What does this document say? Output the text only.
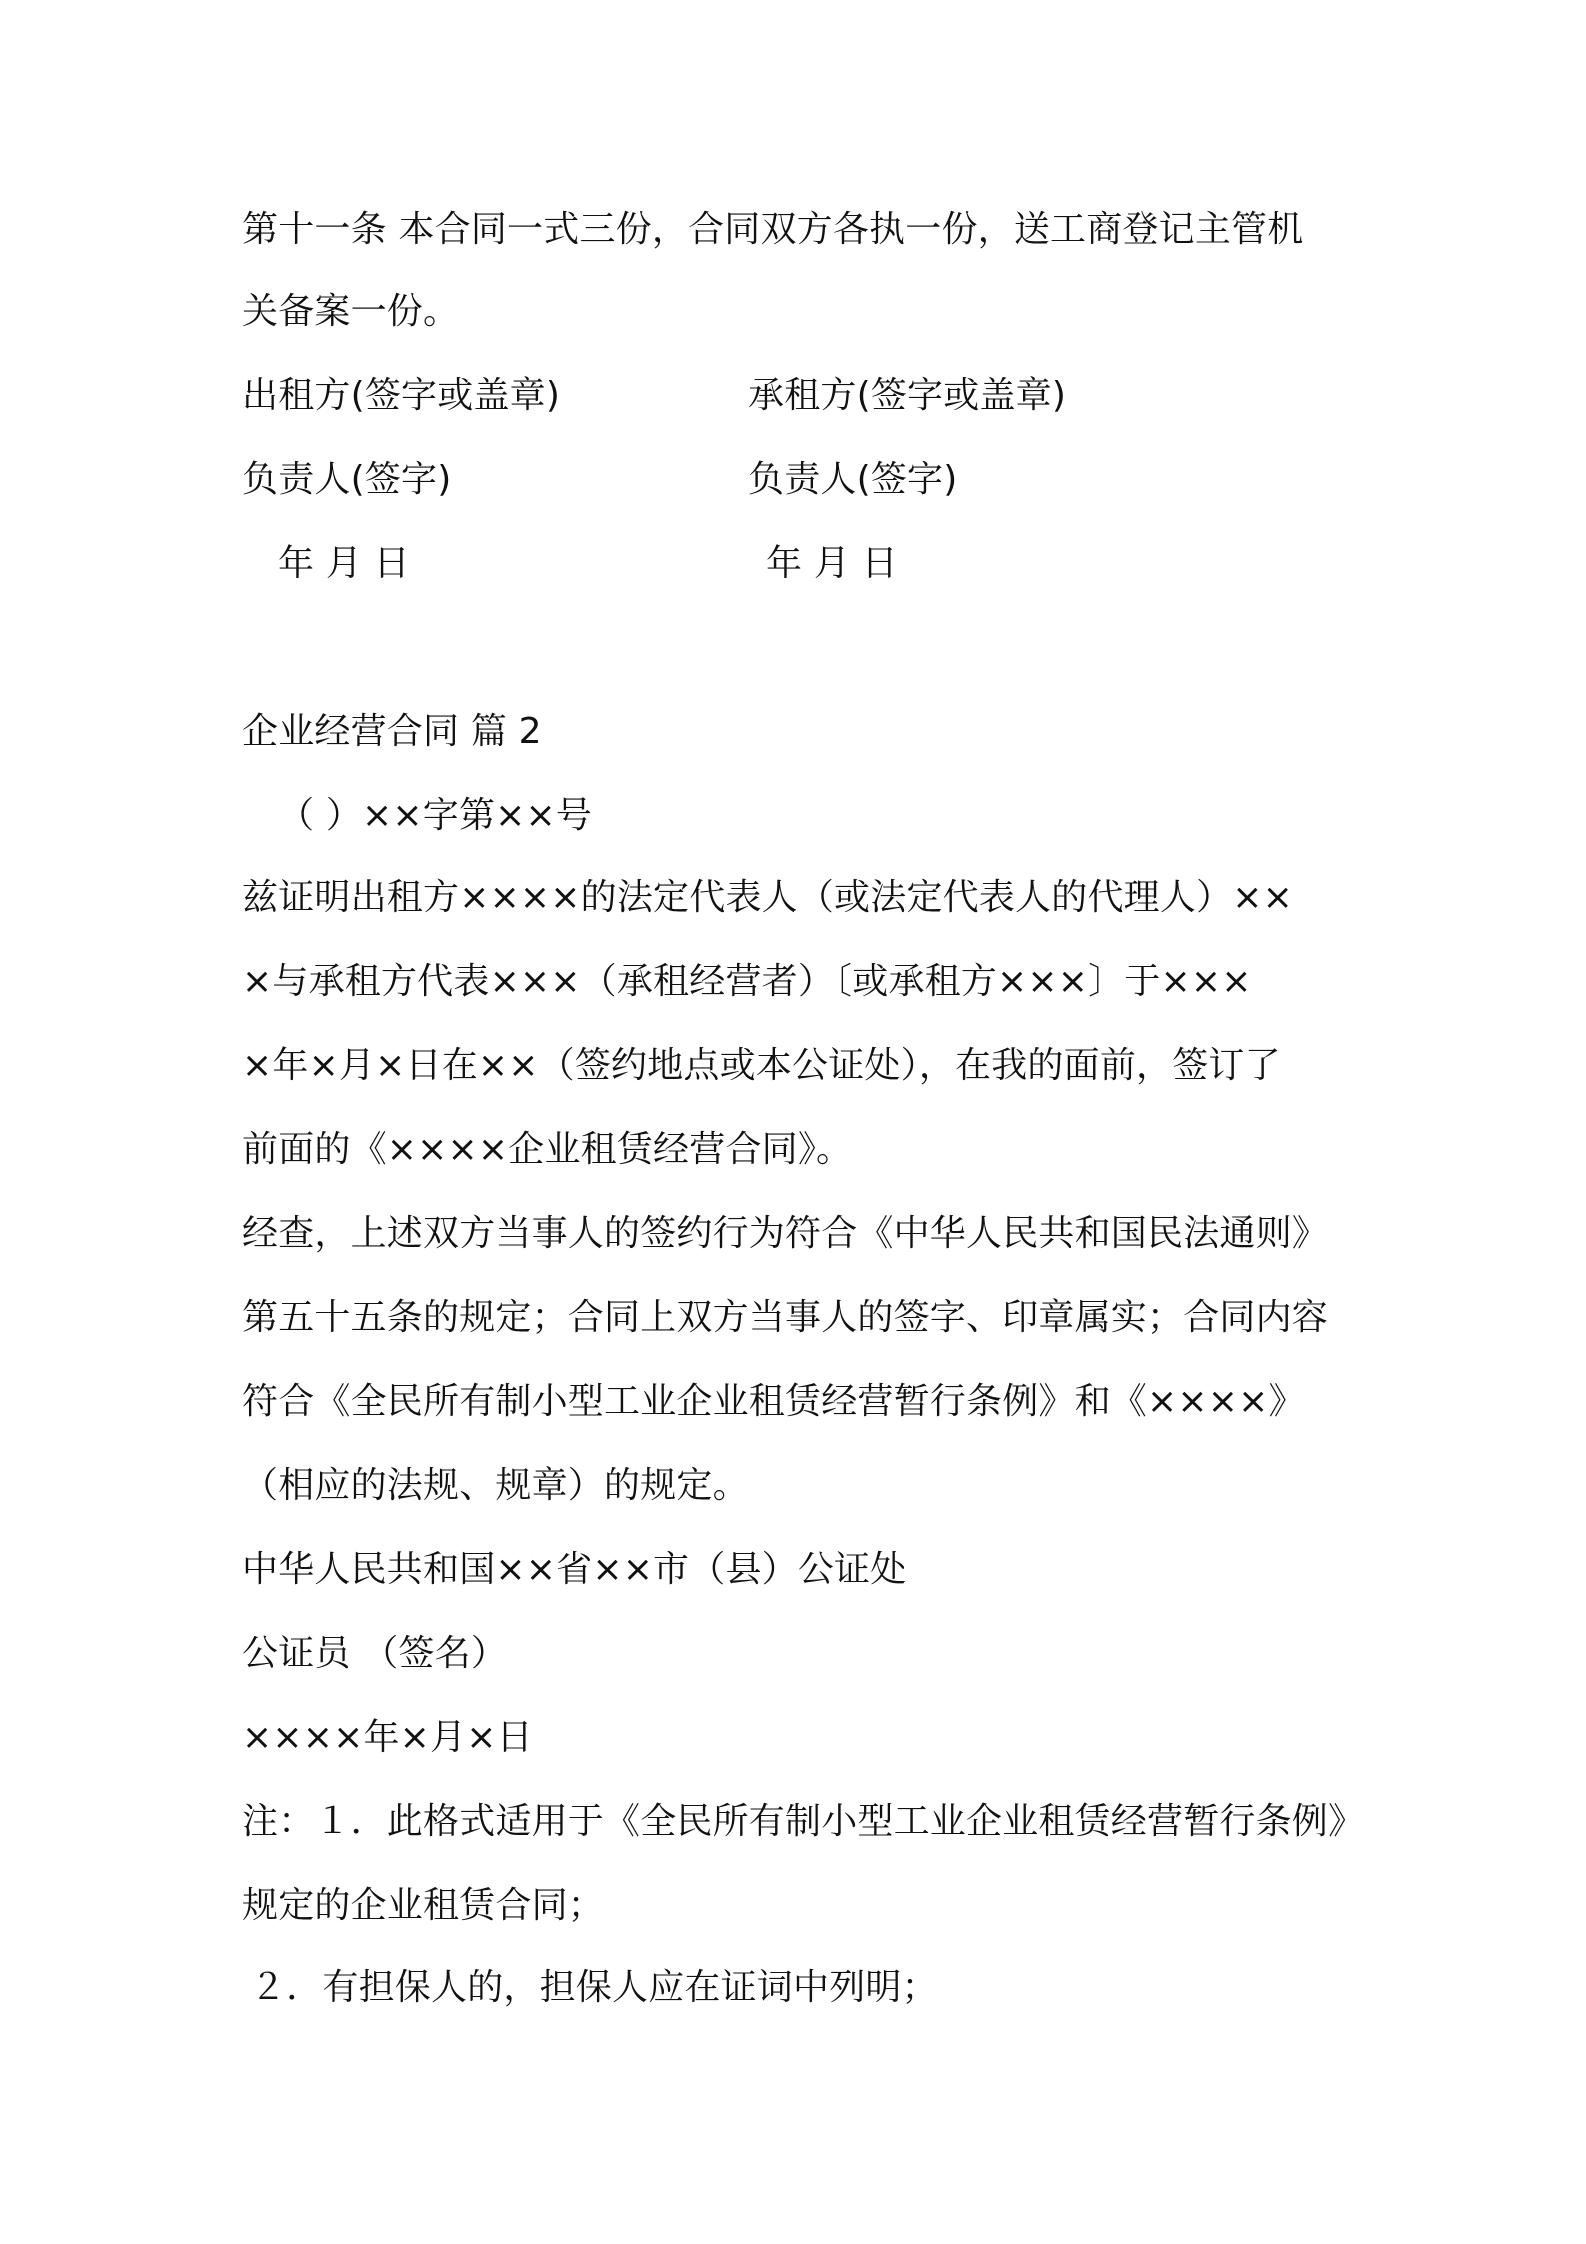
第十一条 本合同一式三份，合同双方各执一份，送工商登记主管机
关备案一份。
出租方(签字或盖章)	承租方(签字或盖章)
负责人(签字)	负责人(签字)
年 月 日	年 月 日
企业经营合同 篇 2
（ ）××字第××号
兹证明出租方××××的法定代表人（或法定代表人的代理人）××
×与承租方代表×××（承租经营者）〔或承租方×××〕于×××
×年×月×日在××（签约地点或本公证处），在我的面前，签订了
前面的《××××企业租赁经营合同》。
经查，上述双方当事人的签约行为符合《中华人民共和国民法通则》
第五十五条的规定；合同上双方当事人的签字、印章属实；合同内容
符合《全民所有制小型工业企业租赁经营暂行条例》和《××××》
（相应的法规、规章）的规定。
中华人民共和国××省××市（县）公证处
公证员 （签名）
××××年×月×日
注：１．此格式适用于《全民所有制小型工业企业租赁经营暂行条例》
规定的企业租赁合同；
２．有担保人的，担保人应在证词中列明；
